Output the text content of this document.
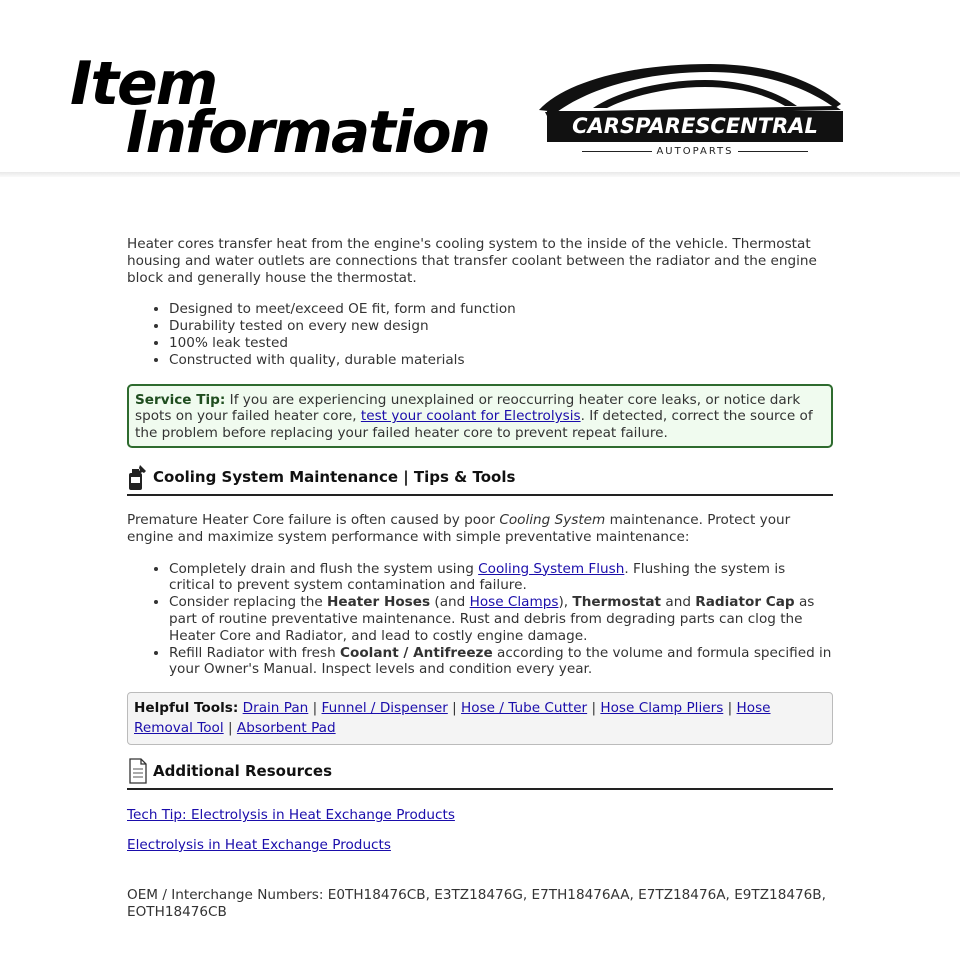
Item
Information	CARSPARESCENTRAL
AUTOPARTS

Heater cores transfer heat from the engine's cooling system to the inside of the vehicle. Thermostat housing and water outlets are connections that transfer coolant between the radiator and the engine block and generally house the thermostat.

• Designed to meet/exceed OE fit, form and function
• Durability tested on every new design
• 100% leak tested
• Constructed with quality, durable materials
Service Tip: If you are experiencing unexplained or reoccurring heater core leaks, or notice dark spots on your failed heater core, test your coolant for Electrolysis. If detected, correct the source of the problem before replacing your failed heater core to prevent repeat failure.
Cooling System Maintenance | Tips & Tools

Premature Heater Core failure is often caused by poor Cooling System maintenance. Protect your engine and maximize system performance with simple preventative maintenance:

• Completely drain and flush the system using Cooling System Flush. Flushing the system is critical to prevent system contamination and failure.
• Consider replacing the Heater Hoses (and Hose Clamps), Thermostat and Radiator Cap as part of routine preventative maintenance. Rust and debris from degrading parts can clog the Heater Core and Radiator, and lead to costly engine damage.
• Refill Radiator with fresh Coolant / Antifreeze according to the volume and formula specified in your Owner's Manual. Inspect levels and condition every year.
Helpful Tools: Drain Pan | Funnel / Dispenser | Hose / Tube Cutter | Hose Clamp Pliers | Hose Removal Tool | Absorbent Pad
Additional Resources
Tech Tip: Electrolysis in Heat Exchange Products
Electrolysis in Heat Exchange Products

OEM / Interchange Numbers: E0TH18476CB, E3TZ18476G, E7TH18476AA, E7TZ18476A, E9TZ18476B, EOTH18476CB
